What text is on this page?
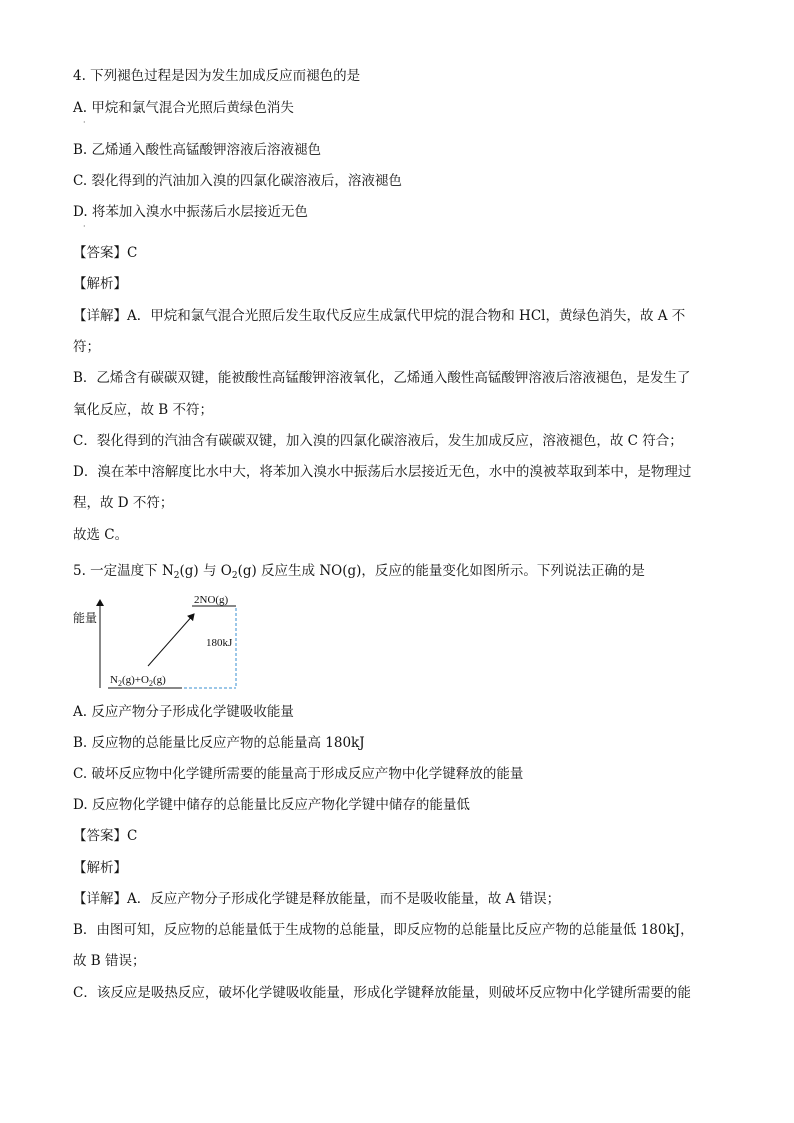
4. 下列褪色过程是因为发生加成反应而褪色的是
A. 甲烷和氯气混合光照后黄绿色消失
·
B. 乙烯通入酸性高锰酸钾溶液后溶液褪色
C. 裂化得到的汽油加入溴的四氯化碳溶液后，溶液褪色
D. 将苯加入溴水中振荡后水层接近无色
·
【答案】C
【解析】
【详解】A．甲烷和氯气混合光照后发生取代反应生成氯代甲烷的混合物和 HCl，黄绿色消失，故 A 不
符；
B．乙烯含有碳碳双键，能被酸性高锰酸钾溶液氧化，乙烯通入酸性高锰酸钾溶液后溶液褪色，是发生了
氧化反应，故 B 不符；
C．裂化得到的汽油含有碳碳双键，加入溴的四氯化碳溶液后，发生加成反应，溶液褪色，故 C 符合；
D．溴在苯中溶解度比水中大，将苯加入溴水中振荡后水层接近无色，水中的溴被萃取到苯中，是物理过
程，故 D 不符；
故选 C。
5. 一定温度下 $N_2(g)$ 与 $O_2(g)$ 反应生成 NO(g)，反应的能量变化如图所示。下列说法正确的是
能量
2NO(g)
$N_2(g)+O_2(g)$
180kJ
A. 反应产物分子形成化学键吸收能量
B. 反应物的总能量比反应产物的总能量高 180kJ
C. 破坏反应物中化学键所需要的能量高于形成反应产物中化学键释放的能量
D. 反应物化学键中储存的总能量比反应产物化学键中储存的能量低
【答案】C
【解析】
【详解】A．反应产物分子形成化学键是释放能量，而不是吸收能量，故 A 错误；
B．由图可知，反应物的总能量低于生成物的总能量，即反应物的总能量比反应产物的总能量低 180kJ，
故 B 错误；
C．该反应是吸热反应，破坏化学键吸收能量，形成化学键释放能量，则破坏反应物中化学键所需要的能
